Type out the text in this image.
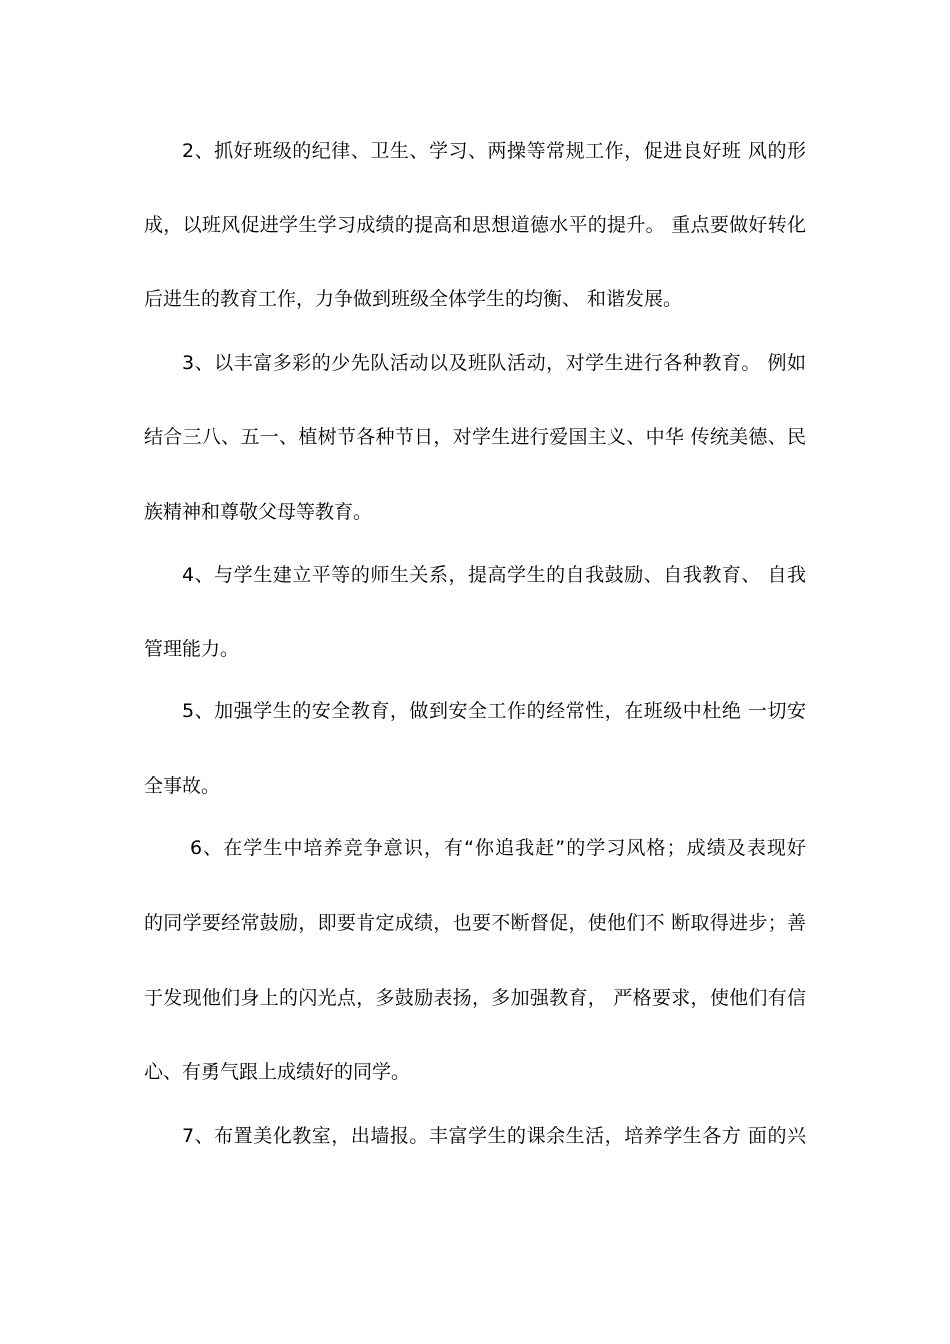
2、抓好班级的纪律、卫生、学习、两操等常规工作，促进良好班 风的形
成，以班风促进学生学习成绩的提高和思想道德水平的提升。 重点要做好转化
后进生的教育工作，力争做到班级全体学生的均衡、 和谐发展。
3、以丰富多彩的少先队活动以及班队活动，对学生进行各种教育。 例如
结合三八、五一、植树节各种节日，对学生进行爱国主义、中华 传统美德、民
族精神和尊敬父母等教育。
4、与学生建立平等的师生关系，提高学生的自我鼓励、自我教育、 自我
管理能力。
5、加强学生的安全教育，做到安全工作的经常性，在班级中杜绝 一切安
全事故。
6、在学生中培养竞争意识，有“你追我赶”的学习风格；成绩及表现好
的同学要经常鼓励，即要肯定成绩，也要不断督促，使他们不 断取得进步；善
于发现他们身上的闪光点，多鼓励表扬，多加强教育， 严格要求，使他们有信
心、有勇气跟上成绩好的同学。
7、布置美化教室，出墙报。丰富学生的课余生活，培养学生各方 面的兴
